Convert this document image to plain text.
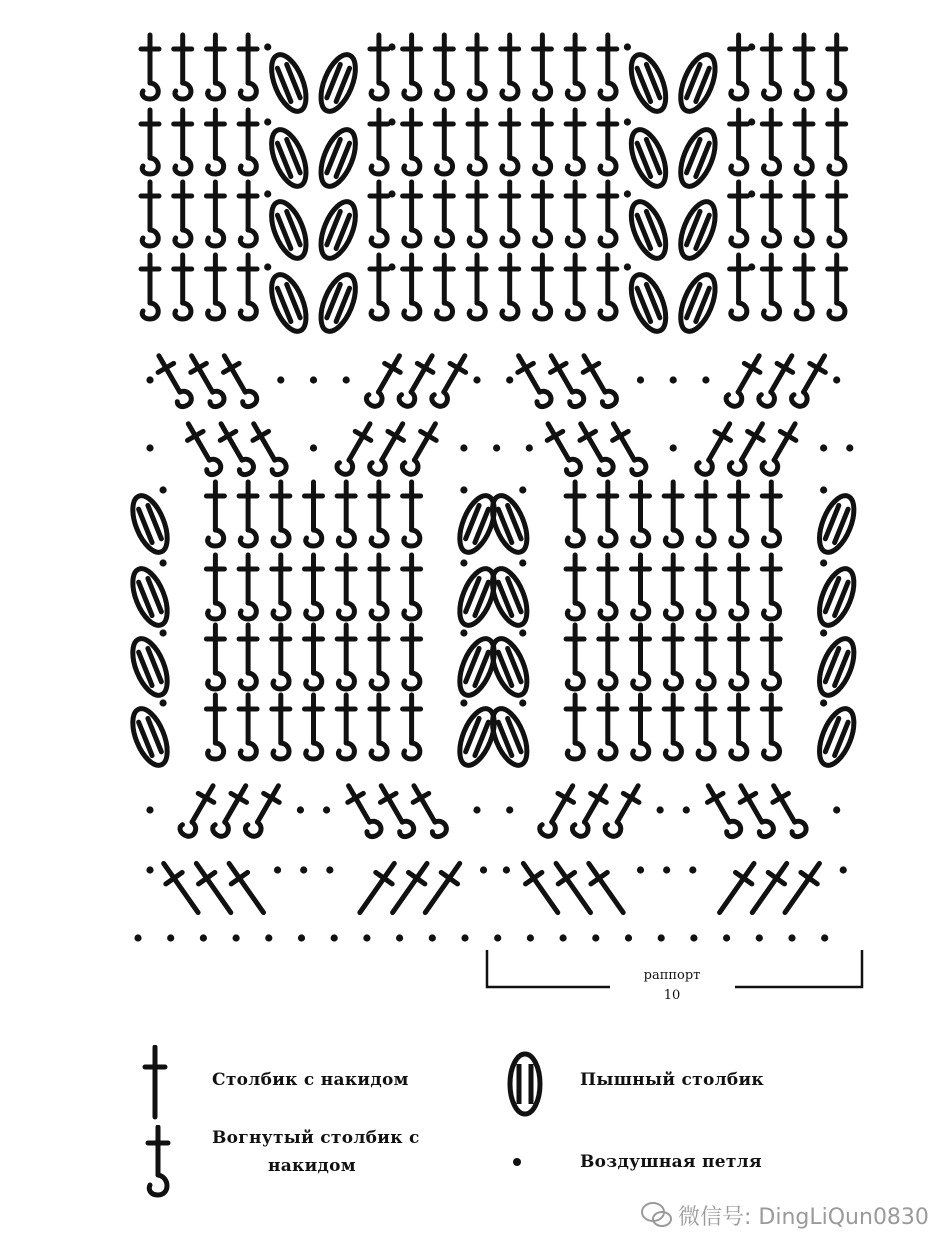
раппорт
10
Столбик с накидом
Вогнутый столбик с
накидом
Пышный столбик
Воздушная петля
微信号: DingLiQun0830
